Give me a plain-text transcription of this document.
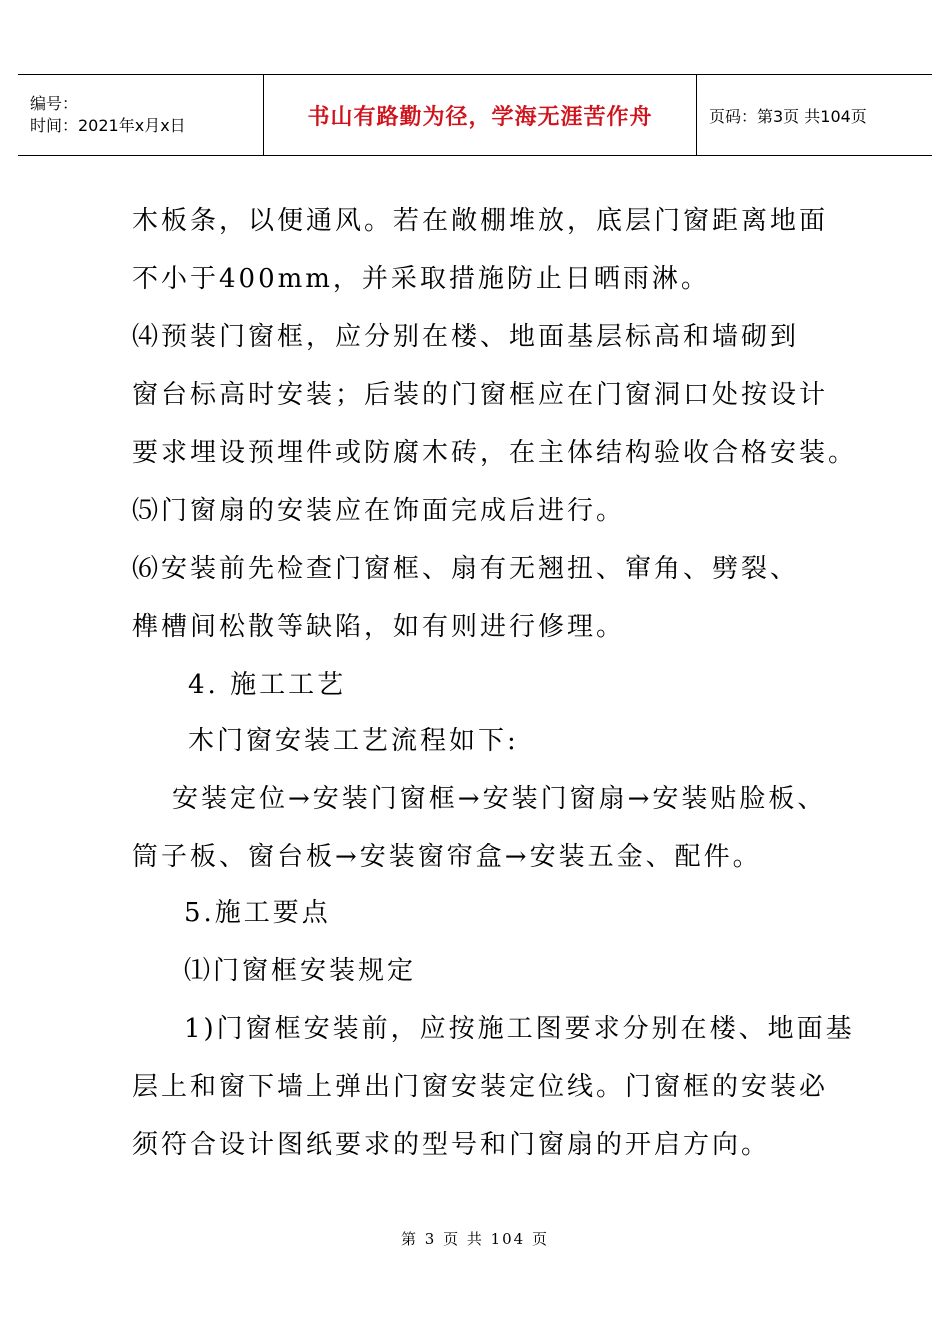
编号：
时间：2021年x月x日	书山有路勤为径，学海无涯苦作舟	页码：第3页 共104页
木板条，以便通风。若在敞棚堆放，底层门窗距离地面
不小于400mm，并采取措施防止日晒雨淋。
⑷预装门窗框，应分别在楼、地面基层标高和墙砌到
窗台标高时安装；后装的门窗框应在门窗洞口处按设计
要求埋设预埋件或防腐木砖，在主体结构验收合格安装。
⑸门窗扇的安装应在饰面完成后进行。
⑹安装前先检查门窗框、扇有无翘扭、窜角、劈裂、
榫槽间松散等缺陷，如有则进行修理。
4. 施工工艺
木门窗安装工艺流程如下:
安装定位→安装门窗框→安装门窗扇→安装贴脸板、
筒子板、窗台板→安装窗帘盒→安装五金、配件。
5.施工要点
⑴门窗框安装规定
1)门窗框安装前，应按施工图要求分别在楼、地面基
层上和窗下墙上弹出门窗安装定位线。门窗框的安装必
须符合设计图纸要求的型号和门窗扇的开启方向。
第 3 页 共 104 页
